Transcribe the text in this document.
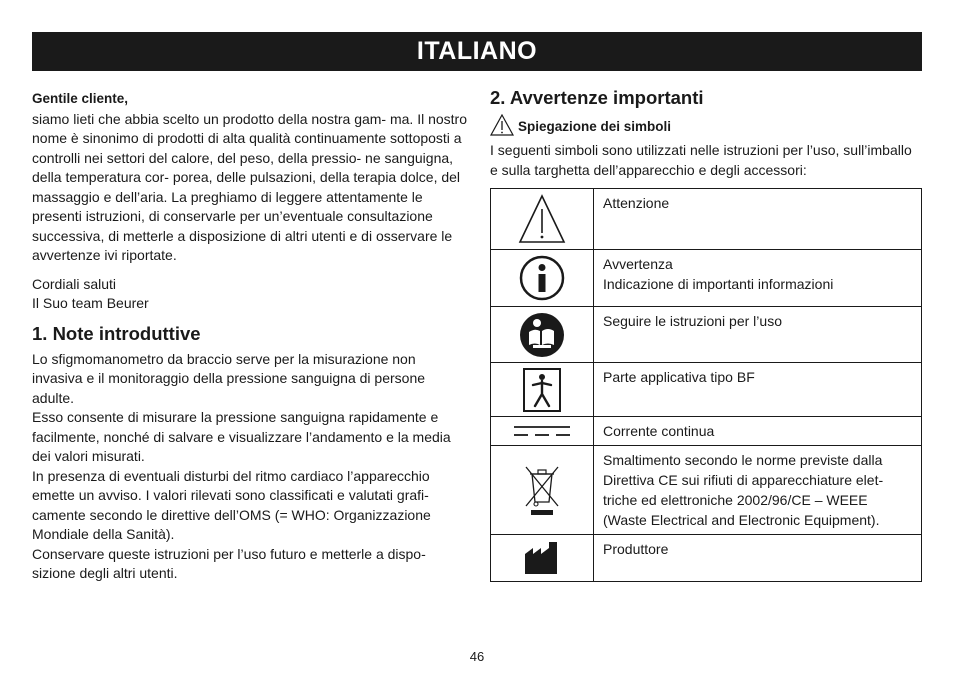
ITALIANO

Gentile cliente,

siamo lieti che abbia scelto un prodotto della nostra gam- ma. Il nostro nome è sinonimo di prodotti di alta qualità continuamente sottoposti a controlli nei settori del calore, del peso, della pressio- ne sanguigna, della temperatura cor- porea, delle pulsazioni, della terapia dolce, del massaggio e dell’aria. La preghiamo di leggere attentamente le presenti istruzioni, di conservarle per un’eventuale consultazione successiva, di metterle a disposizione di altri utenti e di osservare le avvertenze ivi riportate.

Cordiali saluti

Il Suo team Beurer

1. Note introduttive

Lo sfigmomanometro da braccio serve per la misurazione non invasiva e il monitoraggio della pressione sanguigna di persone adulte.

Esso consente di misurare la pressione sanguigna rapidamente e facilmente, nonché di salvare e visualizzare l’andamento e la media dei valori misurati.

In presenza di eventuali disturbi del ritmo cardiaco l’apparecchio emette un avviso. I valori rilevati sono classificati e valutati grafi- camente secondo le direttive dell’OMS (= WHO: Organizzazione Mondiale della Sanità).

Conservare queste istruzioni per l’uso futuro e metterle a dispo- sizione degli altri utenti.

2. Avvertenze importanti
Spiegazione dei simboli

I seguenti simboli sono utilizzati nelle istruzioni per l’uso, sull’imballo e sulla targhetta dell’apparecchio e degli accessori:

	Attenzione

	Avvertenza
Indicazione di importanti informazioni

	Seguire le istruzioni per l’uso

	Parte applicativa tipo BF

	Corrente continua

	Smaltimento secondo le norme previste dalla Direttiva CE sui rifiuti di apparecchiature elet- triche ed elettroniche 2002/96/CE – WEEE (Waste Electrical and Electronic Equipment).

	Produttore
46
